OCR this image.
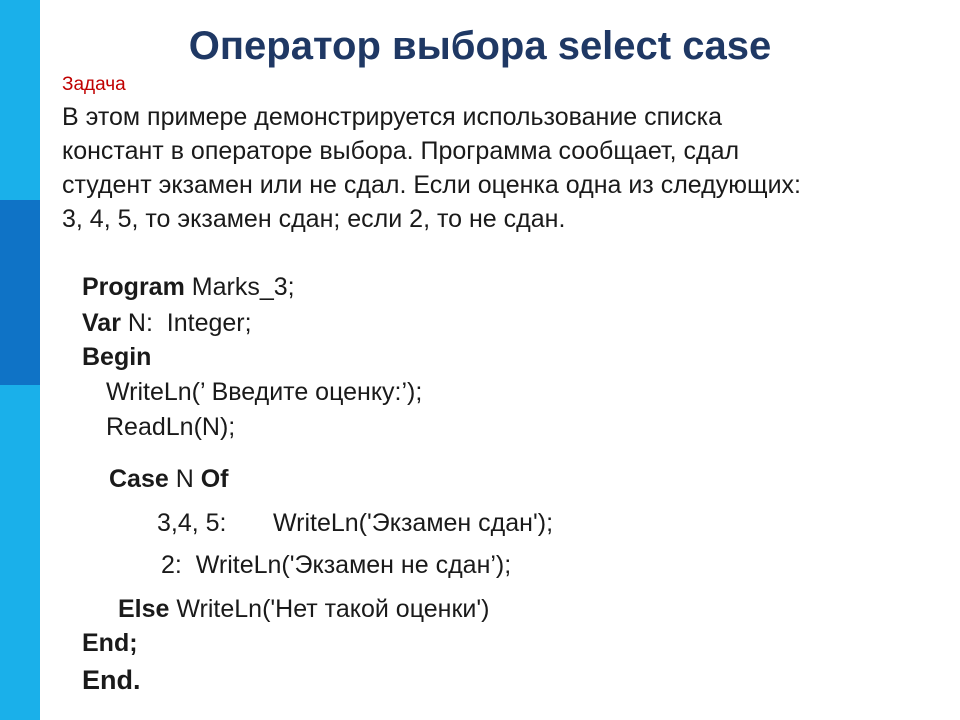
Оператор выбора select case
Задача
В этом примере демонстрируется использование списка
констант в операторе выбора. Программа сообщает, сдал
студент экзамен или не сдал. Если оценка одна из следующих:
3, 4, 5, то экзамен сдан; если 2, то не сдан.
Program Marks_3;
Var N:  Integer;
Begin
WriteLn(’ Введите оценку:’);
ReadLn(N);
Case N Of
3,4, 5: WriteLn('Экзамен сдан');
2:  WriteLn('Экзамен не сдан’);
Else WriteLn('Нет такой оценки')
End;
End.
